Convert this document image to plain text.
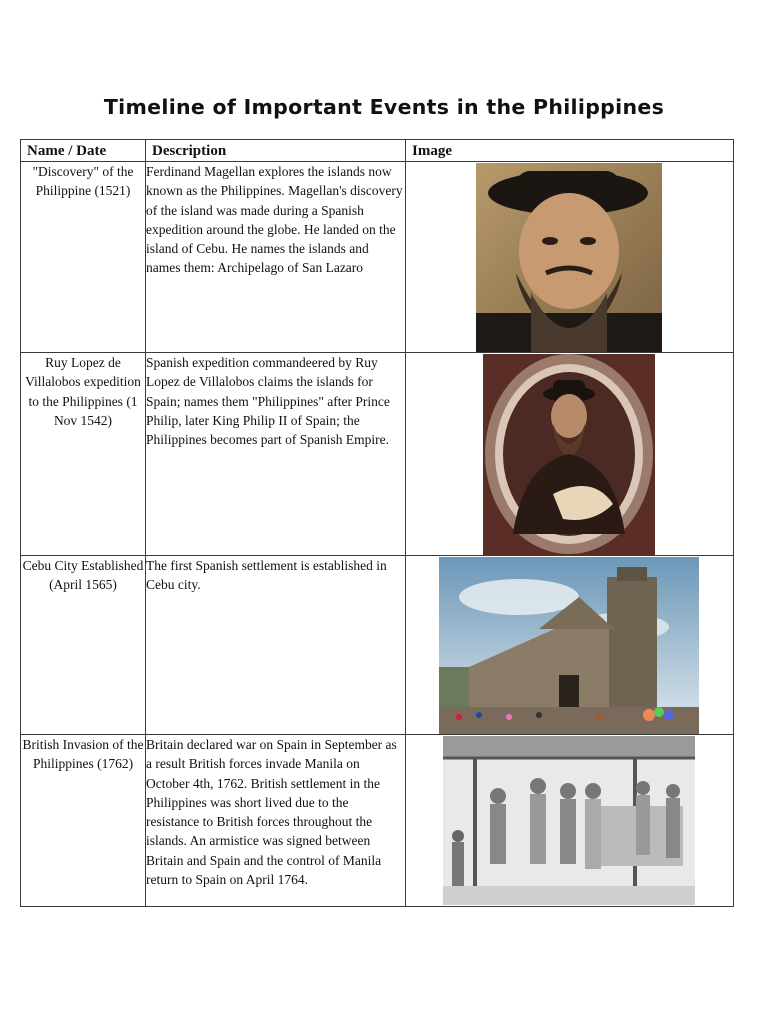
Timeline of Important Events in the Philippines
Name / Date	Description	Image
"Discovery" of the Philippine (1521)	Ferdinand Magellan explores the islands now known as the Philippines. Magellan's discovery of the island was made during a Spanish expedition around the globe. He landed on the island of Cebu. He names the islands and names them: Archipelago of San Lazaro	

Ruy Lopez de Villalobos expedition to the Philippines (1 Nov 1542)	Spanish expedition commandeered by Ruy Lopez de Villalobos claims the islands for Spain; names them "Philippines" after Prince Philip, later King Philip II of Spain; the Philippines becomes part of Spanish Empire.	

Cebu City Established (April 1565)	The first Spanish settlement is established in Cebu city.	

British Invasion of the Philippines (1762)	Britain declared war on Spain in September as a result British forces invade Manila on October 4th, 1762. British settlement in the Philippines was short lived due to the resistance to British forces throughout the islands. An armistice was signed between Britain and Spain and the control of Manila return to Spain on April 1764.	
